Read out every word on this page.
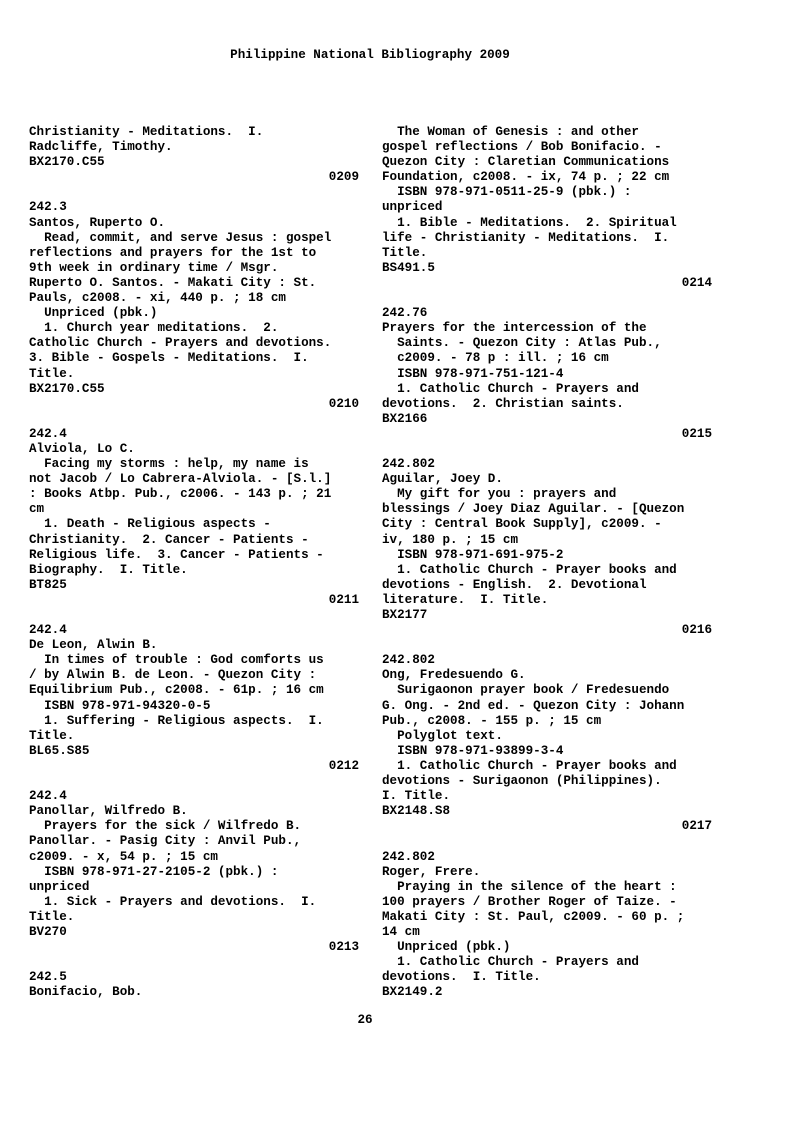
Philippine National Bibliography 2009
Christianity - Meditations.  I.
Radcliffe, Timothy.
BX2170.C55
0209
242.3
Santos, Ruperto O.
Read, commit, and serve Jesus : gospel
reflections and prayers for the 1st to
9th week in ordinary time / Msgr.
Ruperto O. Santos. - Makati City : St.
Pauls, c2008. - xi, 440 p. ; 18 cm
Unpriced (pbk.)
1. Church year meditations.  2.
Catholic Church - Prayers and devotions.
3. Bible - Gospels - Meditations.  I.
Title.
BX2170.C55
0210
242.4
Alviola, Lo C.
Facing my storms : help, my name is
not Jacob / Lo Cabrera-Alviola. - [S.l.]
: Books Atbp. Pub., c2006. - 143 p. ; 21
cm
1. Death - Religious aspects -
Christianity.  2. Cancer - Patients -
Religious life.  3. Cancer - Patients -
Biography.  I. Title.
BT825
0211
242.4
De Leon, Alwin B.
In times of trouble : God comforts us
/ by Alwin B. de Leon. - Quezon City :
Equilibrium Pub., c2008. - 61p. ; 16 cm
ISBN 978-971-94320-0-5
1. Suffering - Religious aspects.  I.
Title.
BL65.S85
0212
242.4
Panollar, Wilfredo B.
Prayers for the sick / Wilfredo B.
Panollar. - Pasig City : Anvil Pub.,
c2009. - x, 54 p. ; 15 cm
ISBN 978-971-27-2105-2 (pbk.) :
unpriced
1. Sick - Prayers and devotions.  I.
Title.
BV270
0213
242.5
Bonifacio, Bob.
The Woman of Genesis : and other
gospel reflections / Bob Bonifacio. -
Quezon City : Claretian Communications
Foundation, c2008. - ix, 74 p. ; 22 cm
ISBN 978-971-0511-25-9 (pbk.) :
unpriced
1. Bible - Meditations.  2. Spiritual
life - Christianity - Meditations.  I.
Title.
BS491.5
0214
242.76
Prayers for the intercession of the
Saints. - Quezon City : Atlas Pub.,
c2009. - 78 p : ill. ; 16 cm
ISBN 978-971-751-121-4
1. Catholic Church - Prayers and
devotions.  2. Christian saints.
BX2166
0215
242.802
Aguilar, Joey D.
My gift for you : prayers and
blessings / Joey Diaz Aguilar. - [Quezon
City : Central Book Supply], c2009. -
iv, 180 p. ; 15 cm
ISBN 978-971-691-975-2
1. Catholic Church - Prayer books and
devotions - English.  2. Devotional
literature.  I. Title.
BX2177
0216
242.802
Ong, Fredesuendo G.
Surigaonon prayer book / Fredesuendo
G. Ong. - 2nd ed. - Quezon City : Johann
Pub., c2008. - 155 p. ; 15 cm
Polyglot text.
ISBN 978-971-93899-3-4
1. Catholic Church - Prayer books and
devotions - Surigaonon (Philippines).
I. Title.
BX2148.S8
0217
242.802
Roger, Frere.
Praying in the silence of the heart :
100 prayers / Brother Roger of Taize. -
Makati City : St. Paul, c2009. - 60 p. ;
14 cm
Unpriced (pbk.)
1. Catholic Church - Prayers and
devotions.  I. Title.
BX2149.2
26
